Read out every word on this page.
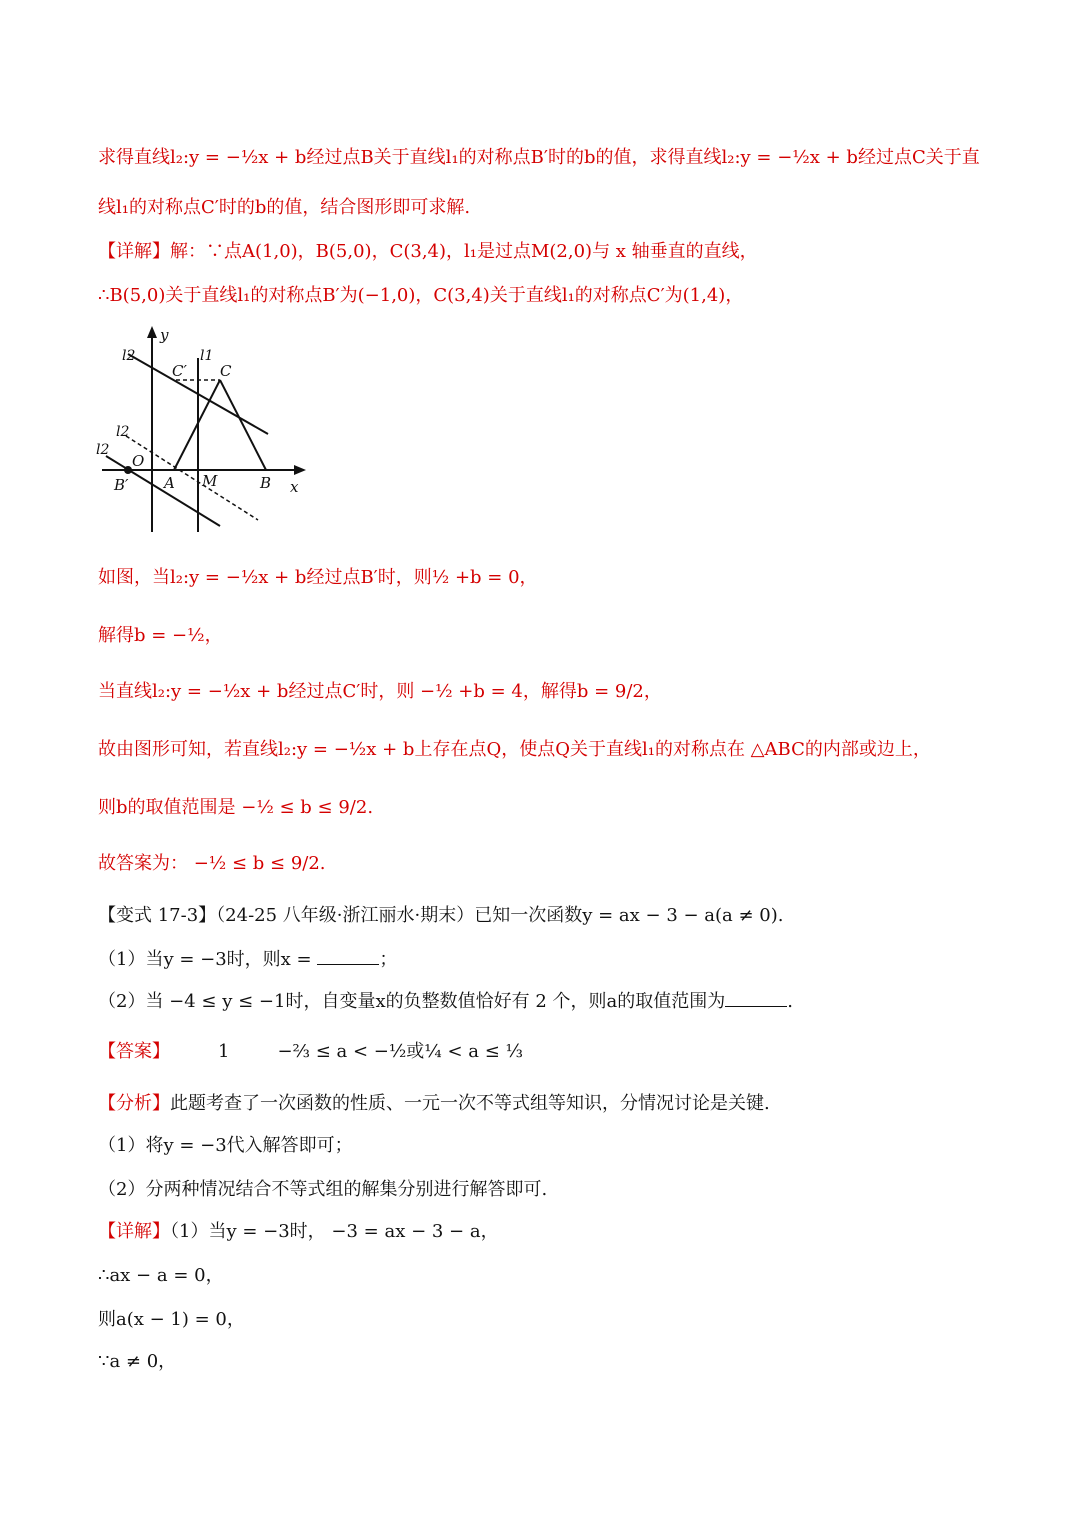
求得直线l₂:y = −½x + b经过点B关于直线l₁的对称点B′时的b的值，求得直线l₂:y = −½x + b经过点C关于直
线l₁的对称点C′时的b的值，结合图形即可求解.
【详解】解：∵点A(1,0)，B(5,0)，C(3,4)，l₁是过点M(2,0)与 x 轴垂直的直线，
∴B(5,0)关于直线l₁的对称点B′为(−1,0)，C(3,4)关于直线l₁的对称点C′为(1,4)，
y
x
l1
l2
l2
l2
C
C′
O
A M	B
B′
如图，当l₂:y = −½x + b经过点B′时，则½ +b = 0，
解得b = −½，
当直线l₂:y = −½x + b经过点C′时，则 −½ +b = 4，解得b = 9/2，
故由图形可知，若直线l₂:y = −½x + b上存在点Q，使点Q关于直线l₁的对称点在 △ABC的内部或边上，
则b的取值范围是 −½ ≤ b ≤ 9/2.
故答案为： −½ ≤ b ≤ 9/2.
【变式 17-3】（24-25 八年级·浙江丽水·期末）已知一次函数y = ax − 3 − a(a ≠ 0).
（1）当y = −3时，则x =	；
（2）当 −4 ≤ y ≤ −1时，自变量x的负整数值恰好有 2 个，则a的取值范围为	.
【答案】	1	−⅔ ≤ a < −½或¼ < a ≤ ⅓
【分析】此题考查了一次函数的性质、一元一次不等式组等知识，分情况讨论是关键.
（1）将y = −3代入解答即可；
（2）分两种情况结合不等式组的解集分别进行解答即可.
【详解】（1）当y = −3时， −3 = ax − 3 − a，
∴ax − a = 0，
则a(x − 1) = 0，
∵a ≠ 0，
